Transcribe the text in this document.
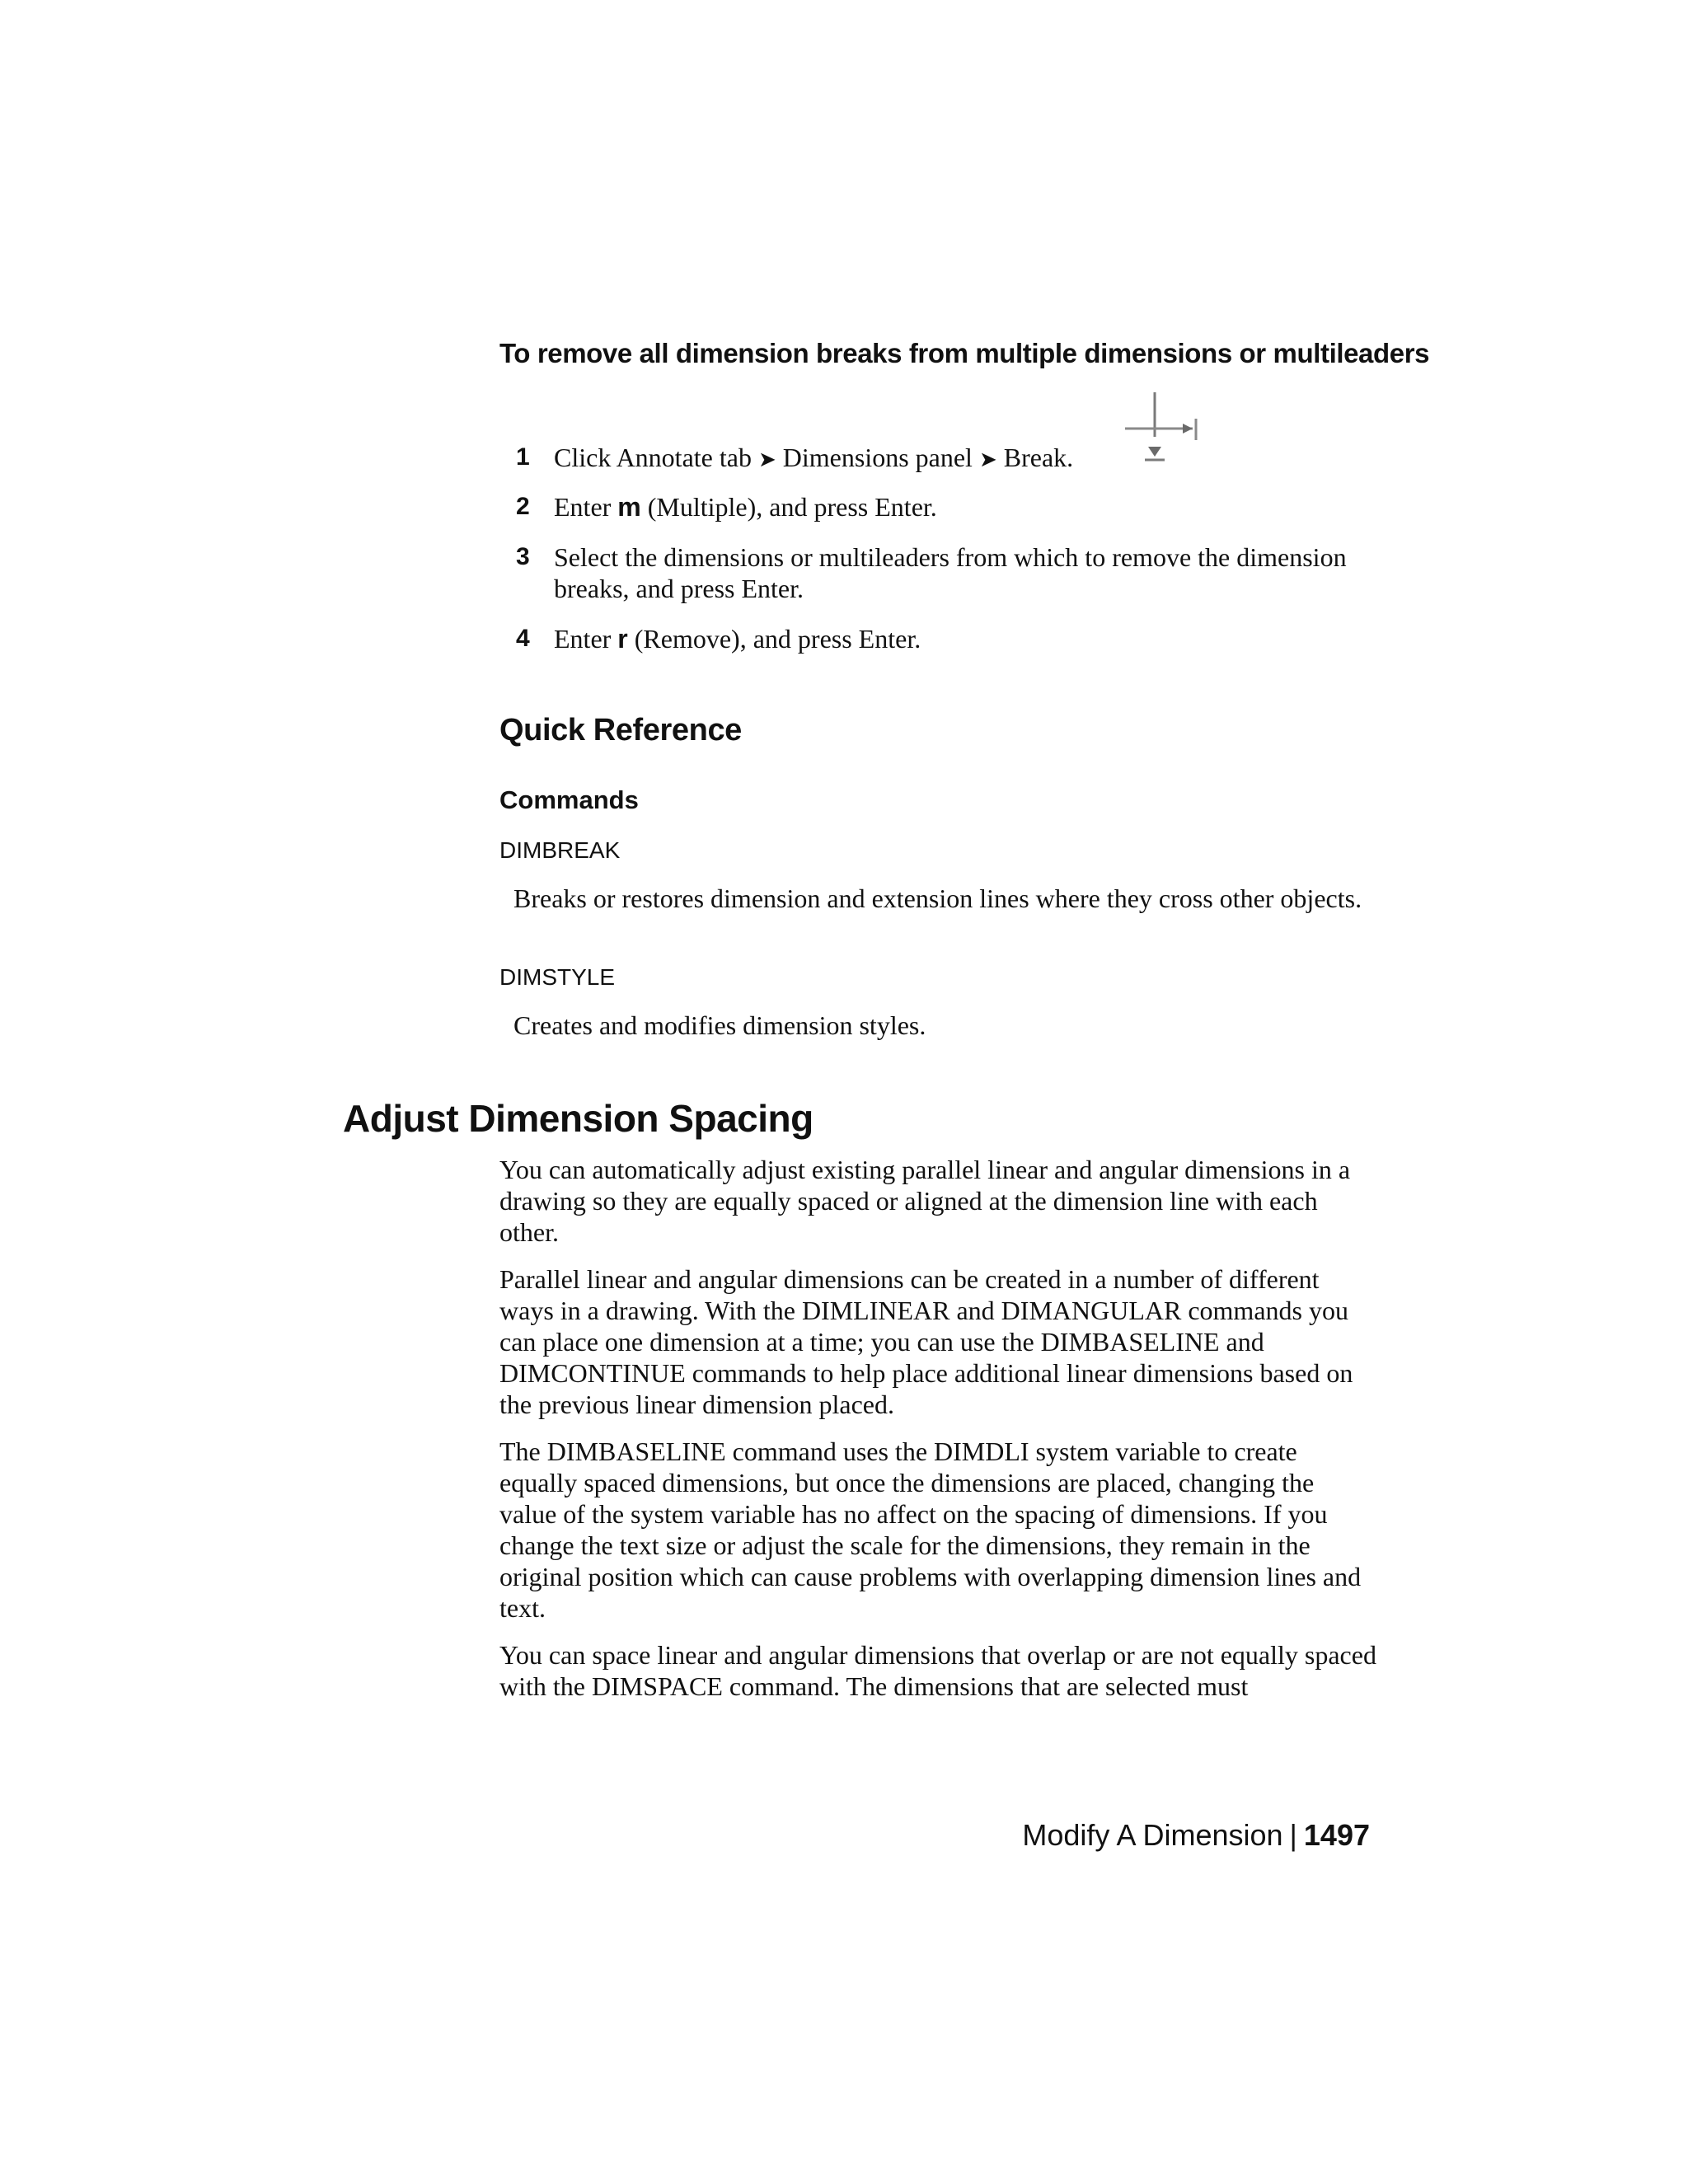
To remove all dimension breaks from multiple dimensions or multileaders
1 Click Annotate tab ➤ Dimensions panel ➤ Break.
2 Enter m (Multiple), and press Enter.
3 Select the dimensions or multileaders from which to remove the dimension breaks, and press Enter.
4 Enter r (Remove), and press Enter.
Quick Reference
Commands
DIMBREAK
Breaks or restores dimension and extension lines where they cross other objects.
DIMSTYLE
Creates and modifies dimension styles.
Adjust Dimension Spacing

You can automatically adjust existing parallel linear and angular dimensions in a drawing so they are equally spaced or aligned at the dimension line with each other.

Parallel linear and angular dimensions can be created in a number of different ways in a drawing. With the DIMLINEAR and DIMANGULAR commands you can place one dimension at a time; you can use the DIMBASELINE and DIMCONTINUE commands to help place additional linear dimensions based on the previous linear dimension placed.

The DIMBASELINE command uses the DIMDLI system variable to create equally spaced dimensions, but once the dimensions are placed, changing the value of the system variable has no affect on the spacing of dimensions. If you change the text size or adjust the scale for the dimensions, they remain in the original position which can cause problems with overlapping dimension lines and text.

You can space linear and angular dimensions that overlap or are not equally spaced with the DIMSPACE command. The dimensions that are selected must

Modify A Dimension | 1497
